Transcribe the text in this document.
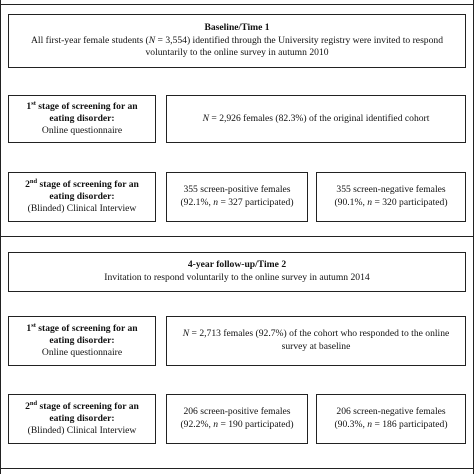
Baseline/Time 1
All first-year female students (N = 3,554) identified through the University registry were invited to respond
voluntarily to the online survey in autumn 2010
1st stage of screening for an
eating disorder:
Online questionnaire
N = 2,926 females (82.3%) of the original identified cohort
2nd stage of screening for an
eating disorder:
(Blinded) Clinical Interview
355 screen-positive females
(92.1%, n = 327 participated)
355 screen-negative females
(90.1%, n = 320 participated)
4-year follow-up/Time 2
Invitation to respond voluntarily to the online survey in autumn 2014
1st stage of screening for an
eating disorder:
Online questionnaire
N = 2,713 females (92.7%) of the cohort who responded to the online
survey at baseline
2nd stage of screening for an
eating disorder:
(Blinded) Clinical Interview
206 screen-positive females
(92.2%, n = 190 participated)
206 screen-negative females
(90.3%, n = 186 participated)
